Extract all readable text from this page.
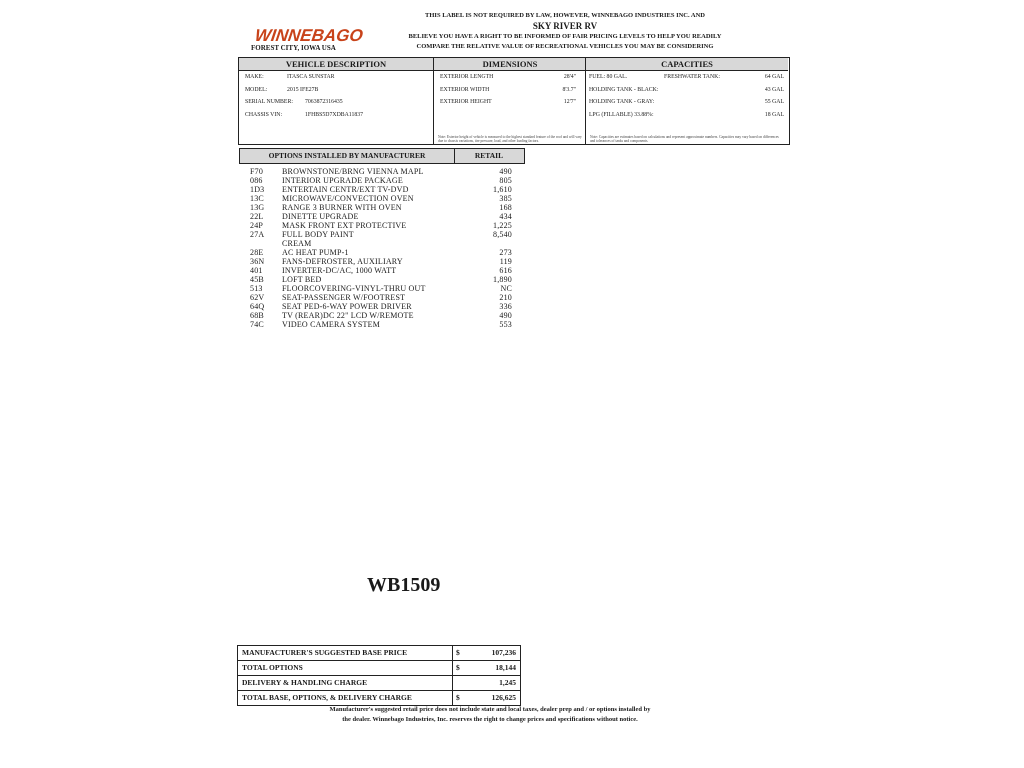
WINNEBAGO
FOREST CITY, IOWA USA
THIS LABEL IS NOT REQUIRED BY LAW, HOWEVER, WINNEBAGO INDUSTRIES INC. AND
SKY RIVER RV
BELIEVE YOU HAVE A RIGHT TO BE INFORMED OF FAIR PRICING LEVELS TO HELP YOU READILY
COMPARE THE RELATIVE VALUE OF RECREATIONAL VEHICLES YOU MAY BE CONSIDERING
VEHICLE DESCRIPTION
MAKE:	ITASCA SUNSTAR
MODEL:	2015 IFE27B
SERIAL NUMBER: 7063872316435
CHASSIS VIN:	1FHBS5D7XDBA11837
DIMENSIONS
EXTERIOR LENGTH	28'4"
EXTERIOR WIDTH	8'3.7"
EXTERIOR HEIGHT	12'7"
Note: Exterior height of vehicle is measured to the highest standard feature of the roof and will vary due to chassis variations, tire pressure, load, and other loading factors.
CAPACITIES
FUEL: 80 GAL.	FRESHWATER TANK:	64 GAL
HOLDING TANK - BLACK:	43 GAL
HOLDING TANK - GRAY:	55 GAL
LPG (FILLABLE) 33.88%:	18 GAL
Note: Capacities are estimates based on calculations and represent approximate numbers. Capacities may vary based on differences and tolerances of tanks and components.
OPTIONS INSTALLED BY MANUFACTURER	RETAIL
F70 BROWNSTONE/BRNG VIENNA MAPL	490
086 INTERIOR UPGRADE PACKAGE	805
1D3 ENTERTAIN CENTR/EXT TV-DVD	1,610
13C MICROWAVE/CONVECTION OVEN	385
13G RANGE 3 BURNER WITH OVEN	168
22L DINETTE UPGRADE	434
24P MASK FRONT EXT PROTECTIVE	1,225
27A FULL BODY PAINT	8,540
CREAM
28E AC HEAT PUMP-1	273
36N FANS-DEFROSTER, AUXILIARY	119
401 INVERTER-DC/AC, 1000 WATT	616
45B LOFT BED	1,890
513 FLOORCOVERING-VINYL-THRU OUT	NC
62V SEAT-PASSENGER W/FOOTREST	210
64Q SEAT PED-6-WAY POWER DRIVER	336
68B TV (REAR)DC 22" LCD W/REMOTE	490
74C VIDEO CAMERA SYSTEM	553
WB1509
MANUFACTURER'S SUGGESTED BASE PRICE	$	107,236
TOTAL OPTIONS	$	18,144
DELIVERY & HANDLING CHARGE	1,245
TOTAL BASE, OPTIONS, & DELIVERY CHARGE	$	126,625
Manufacturer's suggested retail price does not include state and local taxes, dealer prep and / or options installed by
the dealer. Winnebago Industries, Inc. reserves the right to change prices and specifications without notice.
